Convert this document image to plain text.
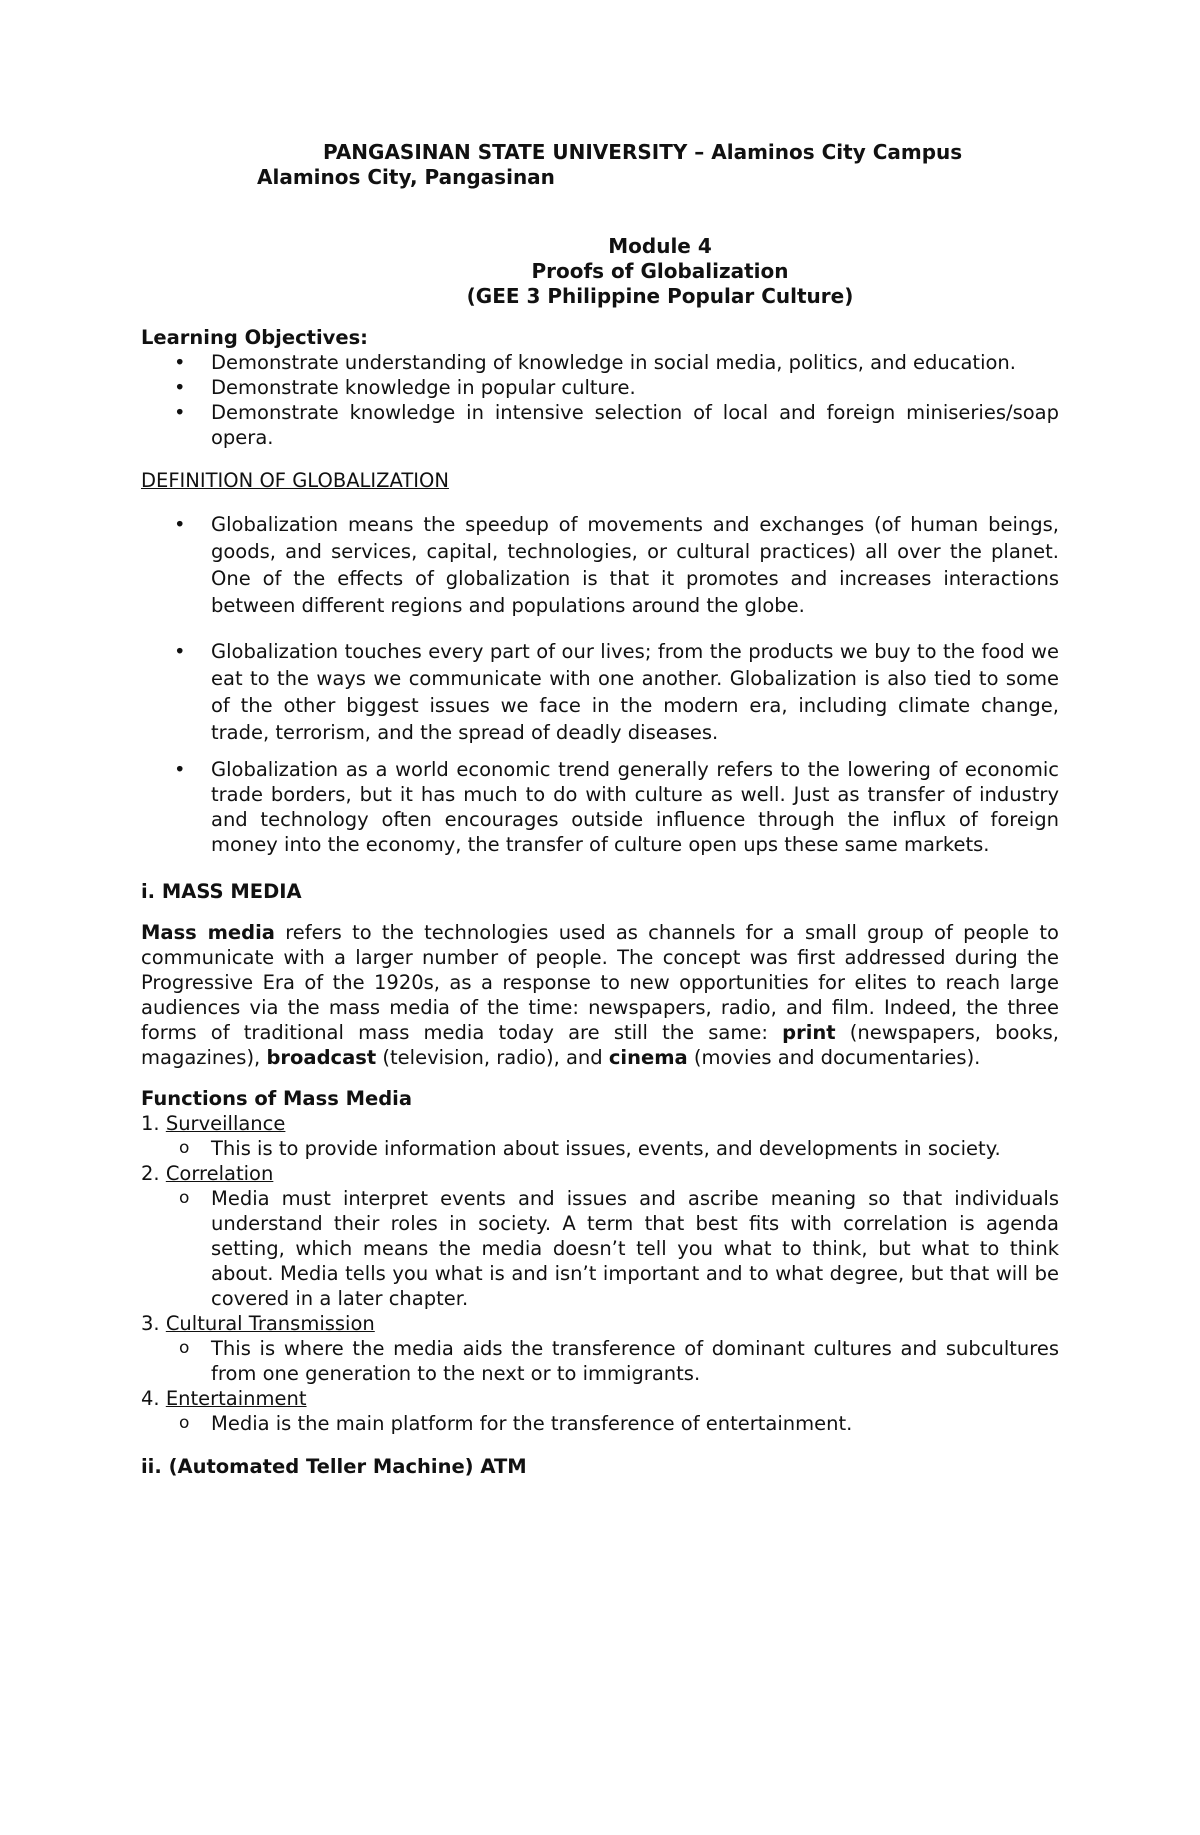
PANGASINAN STATE UNIVERSITY – Alaminos City Campus
Alaminos City, Pangasinan
Module 4
Proofs of Globalization
(GEE 3 Philippine Popular Culture)
Learning Objectives:
• Demonstrate understanding of knowledge in social media, politics, and education.
• Demonstrate knowledge in popular culture.
• Demonstrate knowledge in intensive selection of local and foreign miniseries/soap opera.
DEFINITION OF GLOBALIZATION
• Globalization means the speedup of movements and exchanges (of human beings, goods, and services, capital, technologies, or cultural practices) all over the planet. One of the effects of globalization is that it promotes and increases interactions between different regions and populations around the globe.
• Globalization touches every part of our lives; from the products we buy to the food we eat to the ways we communicate with one another. Globalization is also tied to some of the other biggest issues we face in the modern era, including climate change, trade, terrorism, and the spread of deadly diseases.
• Globalization as a world economic trend generally refers to the lowering of economic trade borders, but it has much to do with culture as well. Just as transfer of industry and technology often encourages outside influence through the influx of foreign money into the economy, the transfer of culture open ups these same markets.
i. MASS MEDIA
Mass media refers to the technologies used as channels for a small group of people to communicate with a larger number of people. The concept was first addressed during the Progressive Era of the 1920s, as a response to new opportunities for elites to reach large audiences via the mass media of the time: newspapers, radio, and film. Indeed, the three forms of traditional mass media today are still the same: print (newspapers, books, magazines), broadcast (television, radio), and cinema (movies and documentaries).
Functions of Mass Media
1. Surveillance
o This is to provide information about issues, events, and developments in society.
2. Correlation
o Media must interpret events and issues and ascribe meaning so that individuals understand their roles in society. A term that best fits with correlation is agenda setting, which means the media doesn’t tell you what to think, but what to think about. Media tells you what is and isn’t important and to what degree, but that will be covered in a later chapter.
3. Cultural Transmission
o This is where the media aids the transference of dominant cultures and subcultures from one generation to the next or to immigrants.
4. Entertainment
o Media is the main platform for the transference of entertainment.
ii. (Automated Teller Machine) ATM
